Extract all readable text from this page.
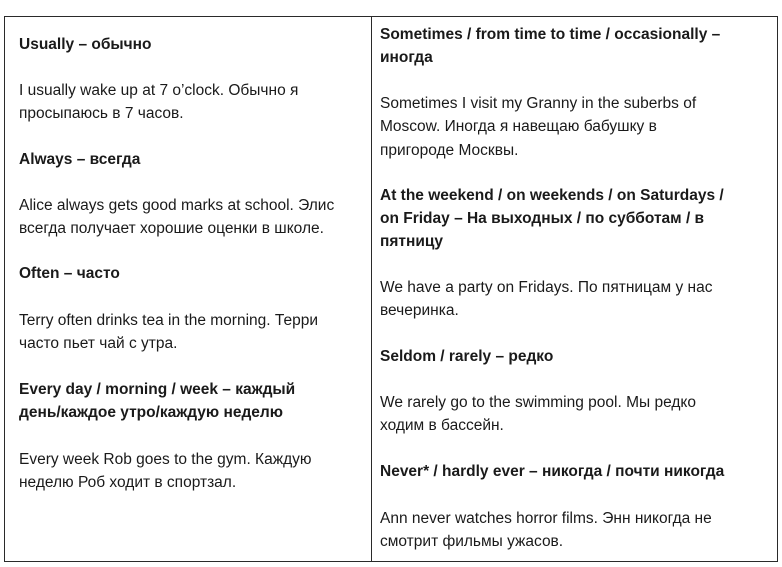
Usually – обычно
I usually wake up at 7 o’clock. Обычно я
просыпаюсь в 7 часов.
Always – всегда
Alice always gets good marks at school. Элис
всегда получает хорошие оценки в школе.
Often – часто
Terry often drinks tea in the morning. Терри
часто пьет чай с утра.
Every day / morning / week – каждый
день/каждое утро/каждую неделю
Every week Rob goes to the gym. Каждую
неделю Роб ходит в спортзал.
Sometimes / from time to time / occasionally –
иногда
Sometimes I visit my Granny in the suberbs of
Moscow. Иногда я навещаю бабушку в
пригороде Москвы.
At the weekend / on weekends / on Saturdays /
on Friday – На выходных / по субботам / в
пятницу
We have a party on Fridays. По пятницам у нас
вечеринка.
Seldom / rarely – редко
We rarely go to the swimming pool. Мы редко
ходим в бассейн.
Never* / hardly ever – никогда / почти никогда
Ann never watches horror films. Энн никогда не
смотрит фильмы ужасов.
